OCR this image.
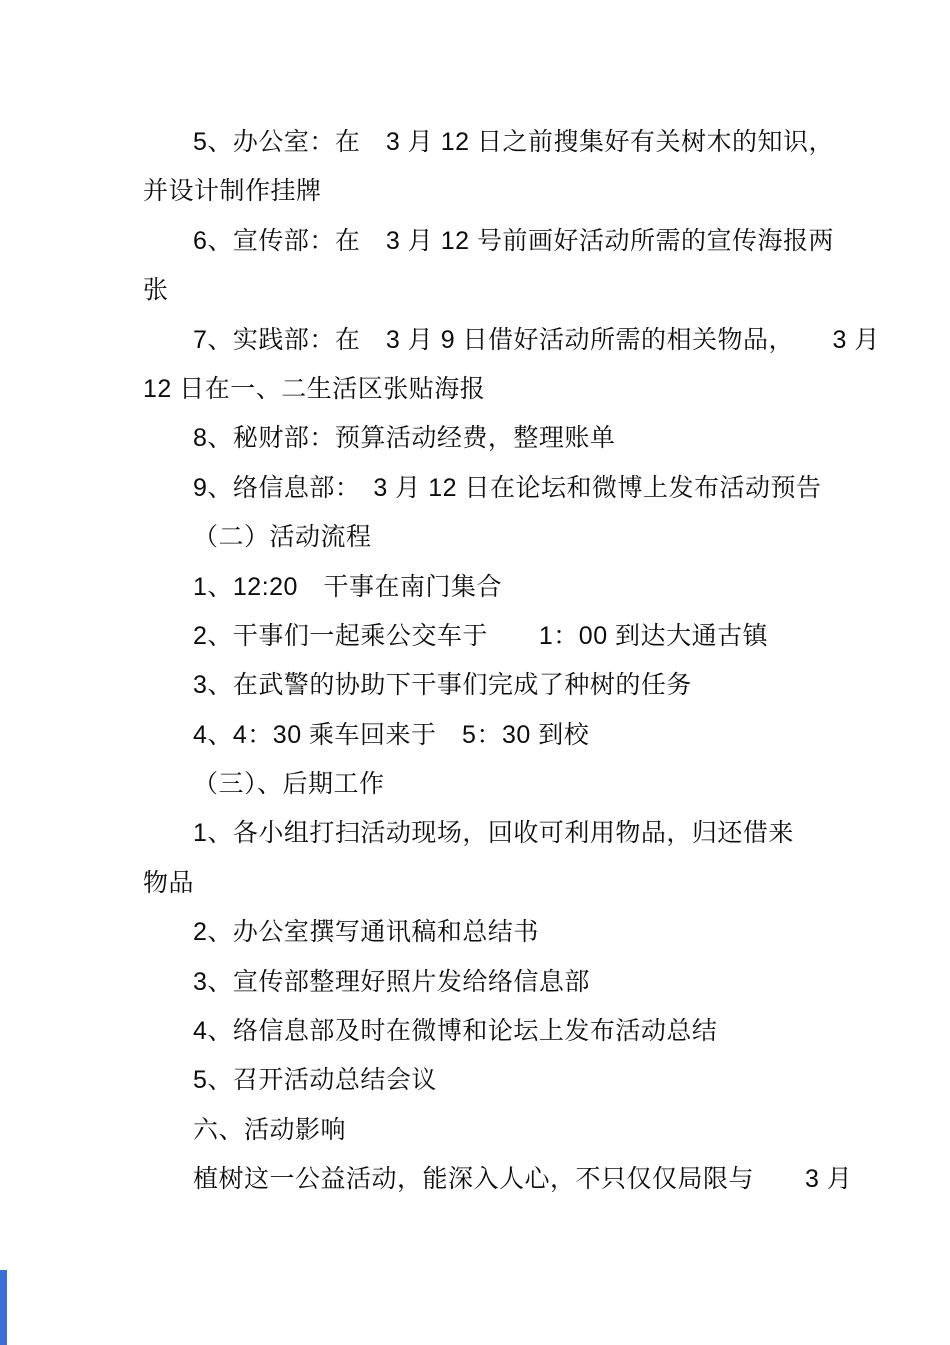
5、办公室：在　3 月 12 日之前搜集好有关树木的知识，
并设计制作挂牌
6、宣传部：在　3 月 12 号前画好活动所需的宣传海报两
张
7、实践部：在　3 月 9 日借好活动所需的相关物品，　　3 月
12 日在一、二生活区张贴海报
8、秘财部：预算活动经费，整理账单
9、络信息部：　3 月 12 日在论坛和微博上发布活动预告
（二）活动流程
1、12:20　干事在南门集合
2、干事们一起乘公交车于　　1：00 到达大通古镇
3、在武警的协助下干事们完成了种树的任务
4、4：30 乘车回来于　5：30 到校
（三）、后期工作
1、各小组打扫活动现场，回收可利用物品，归还借来
物品
2、办公室撰写通讯稿和总结书
3、宣传部整理好照片发给络信息部
4、络信息部及时在微博和论坛上发布活动总结
5、召开活动总结会议
六、活动影响
植树这一公益活动，能深入人心，不只仅仅局限与　　3 月
